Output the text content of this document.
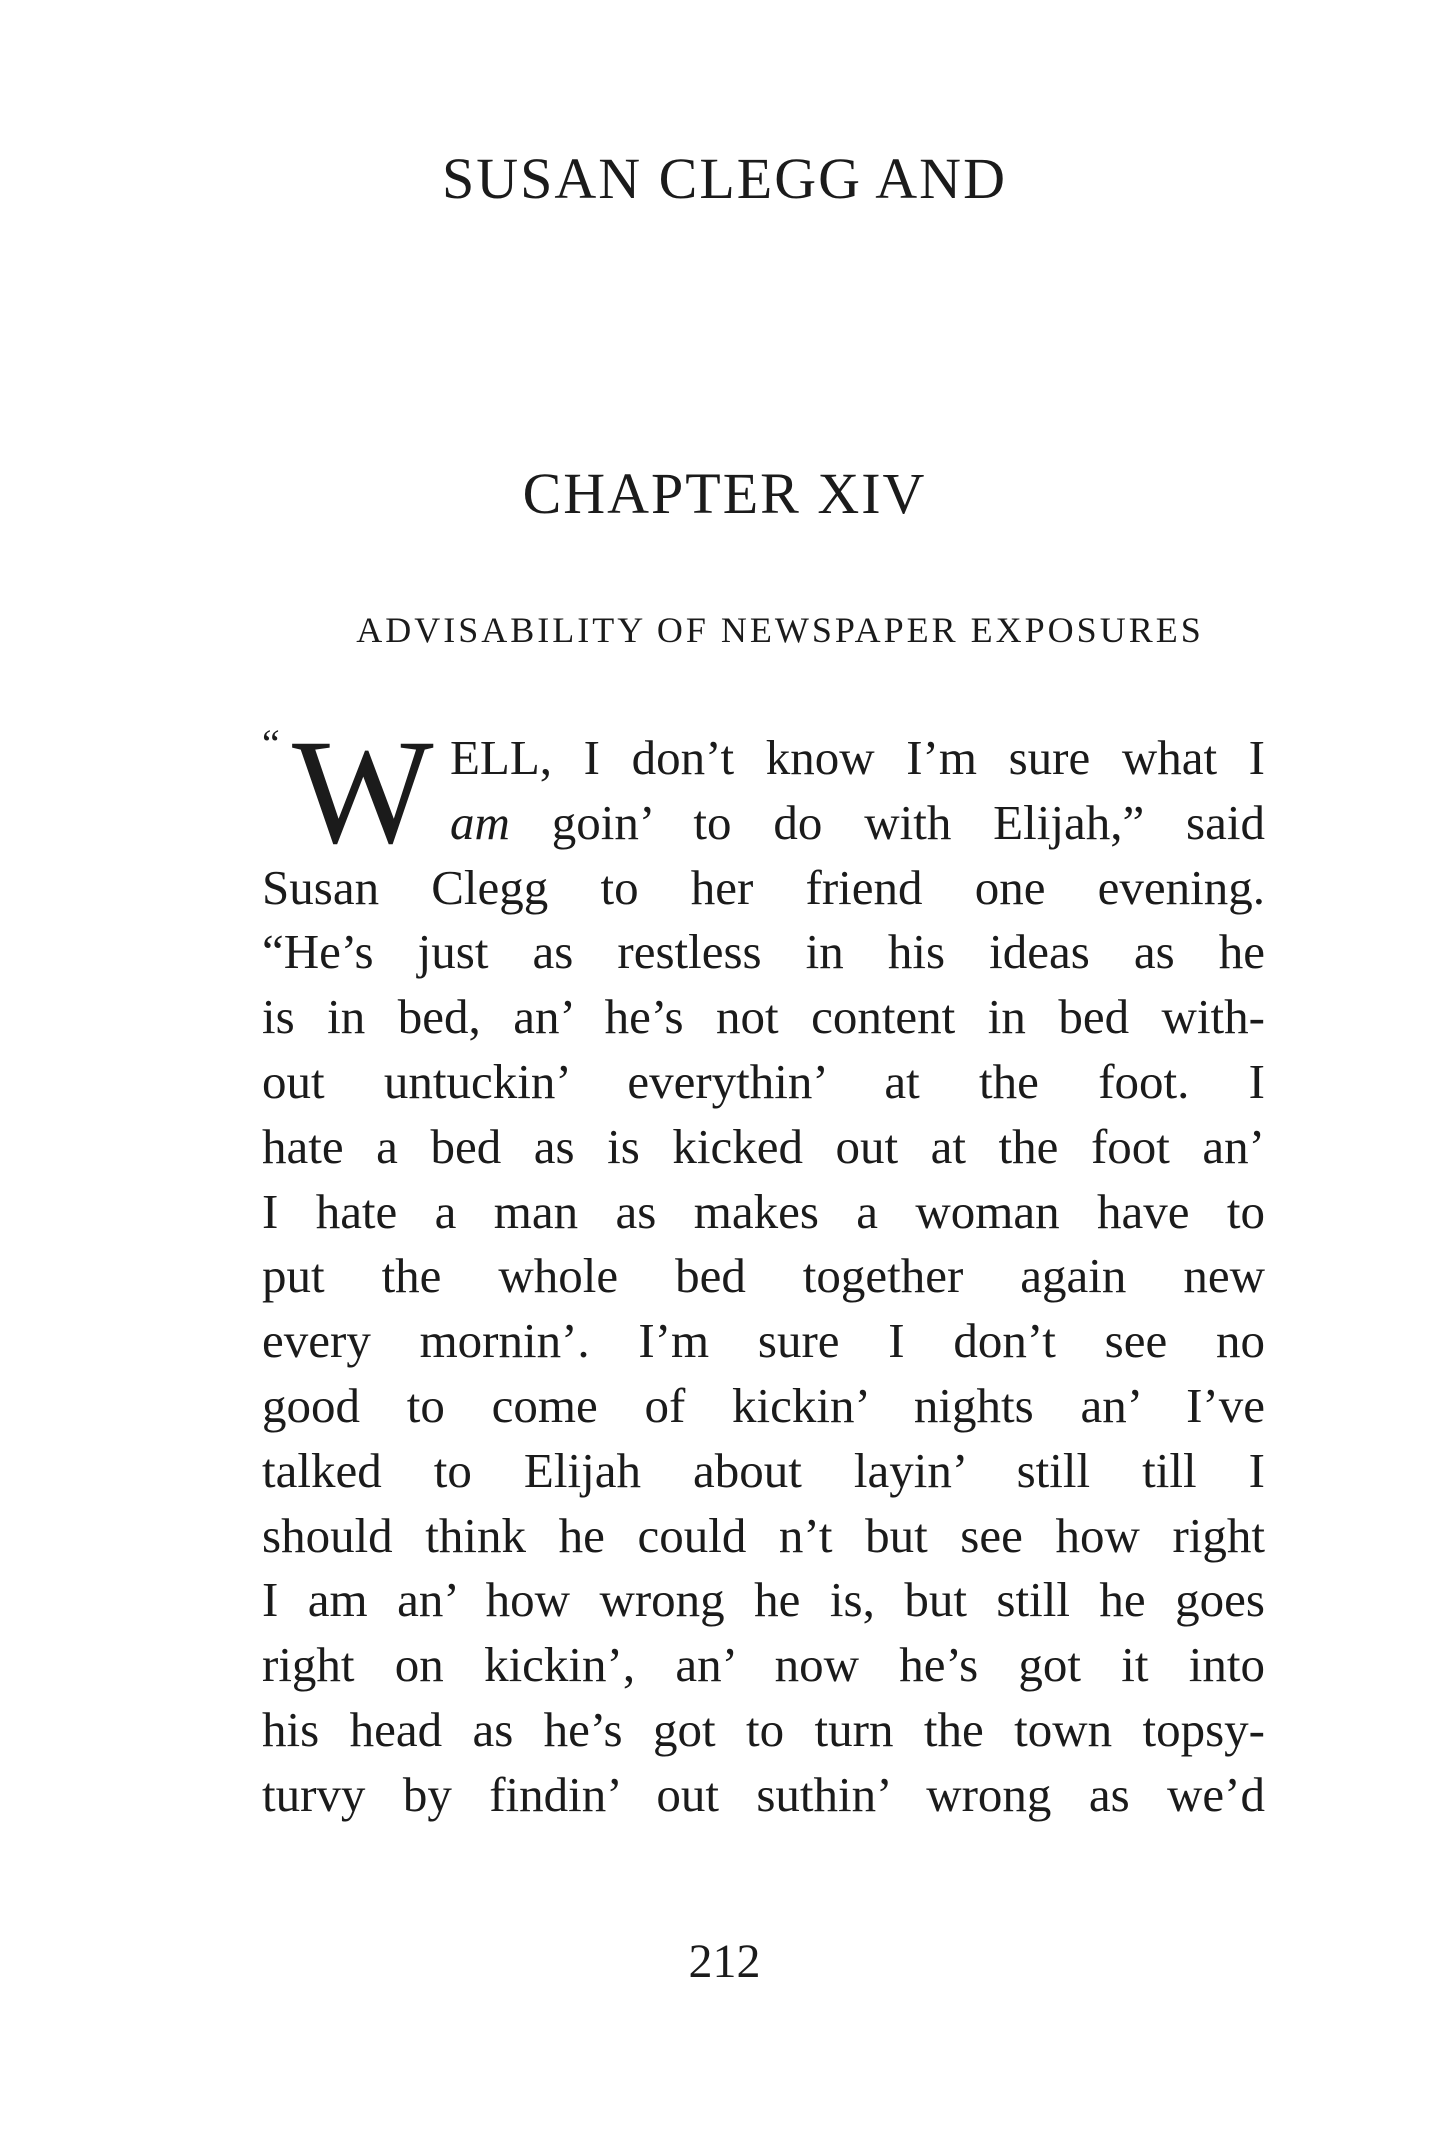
SUSAN CLEGG AND
CHAPTER XIV
ADVISABILITY OF NEWSPAPER EXPOSURES
“ W ELL, I don’t know I’m sure what I
am goin’ to do with Elijah,” said
Susan Clegg to her friend one evening.
“He’s just as restless in his ideas as he
is in bed, an’ he’s not content in bed with-
out untuckin’ everythin’ at the foot. I
hate a bed as is kicked out at the foot an’
I hate a man as makes a woman have to
put the whole bed together again new
every mornin’. I’m sure I don’t see no
good to come of kickin’ nights an’ I’ve
talked to Elijah about layin’ still till I
should think he could n’t but see how right
I am an’ how wrong he is, but still he goes
right on kickin’, an’ now he’s got it into
his head as he’s got to turn the town topsy-
turvy by findin’ out suthin’ wrong as we’d
212
